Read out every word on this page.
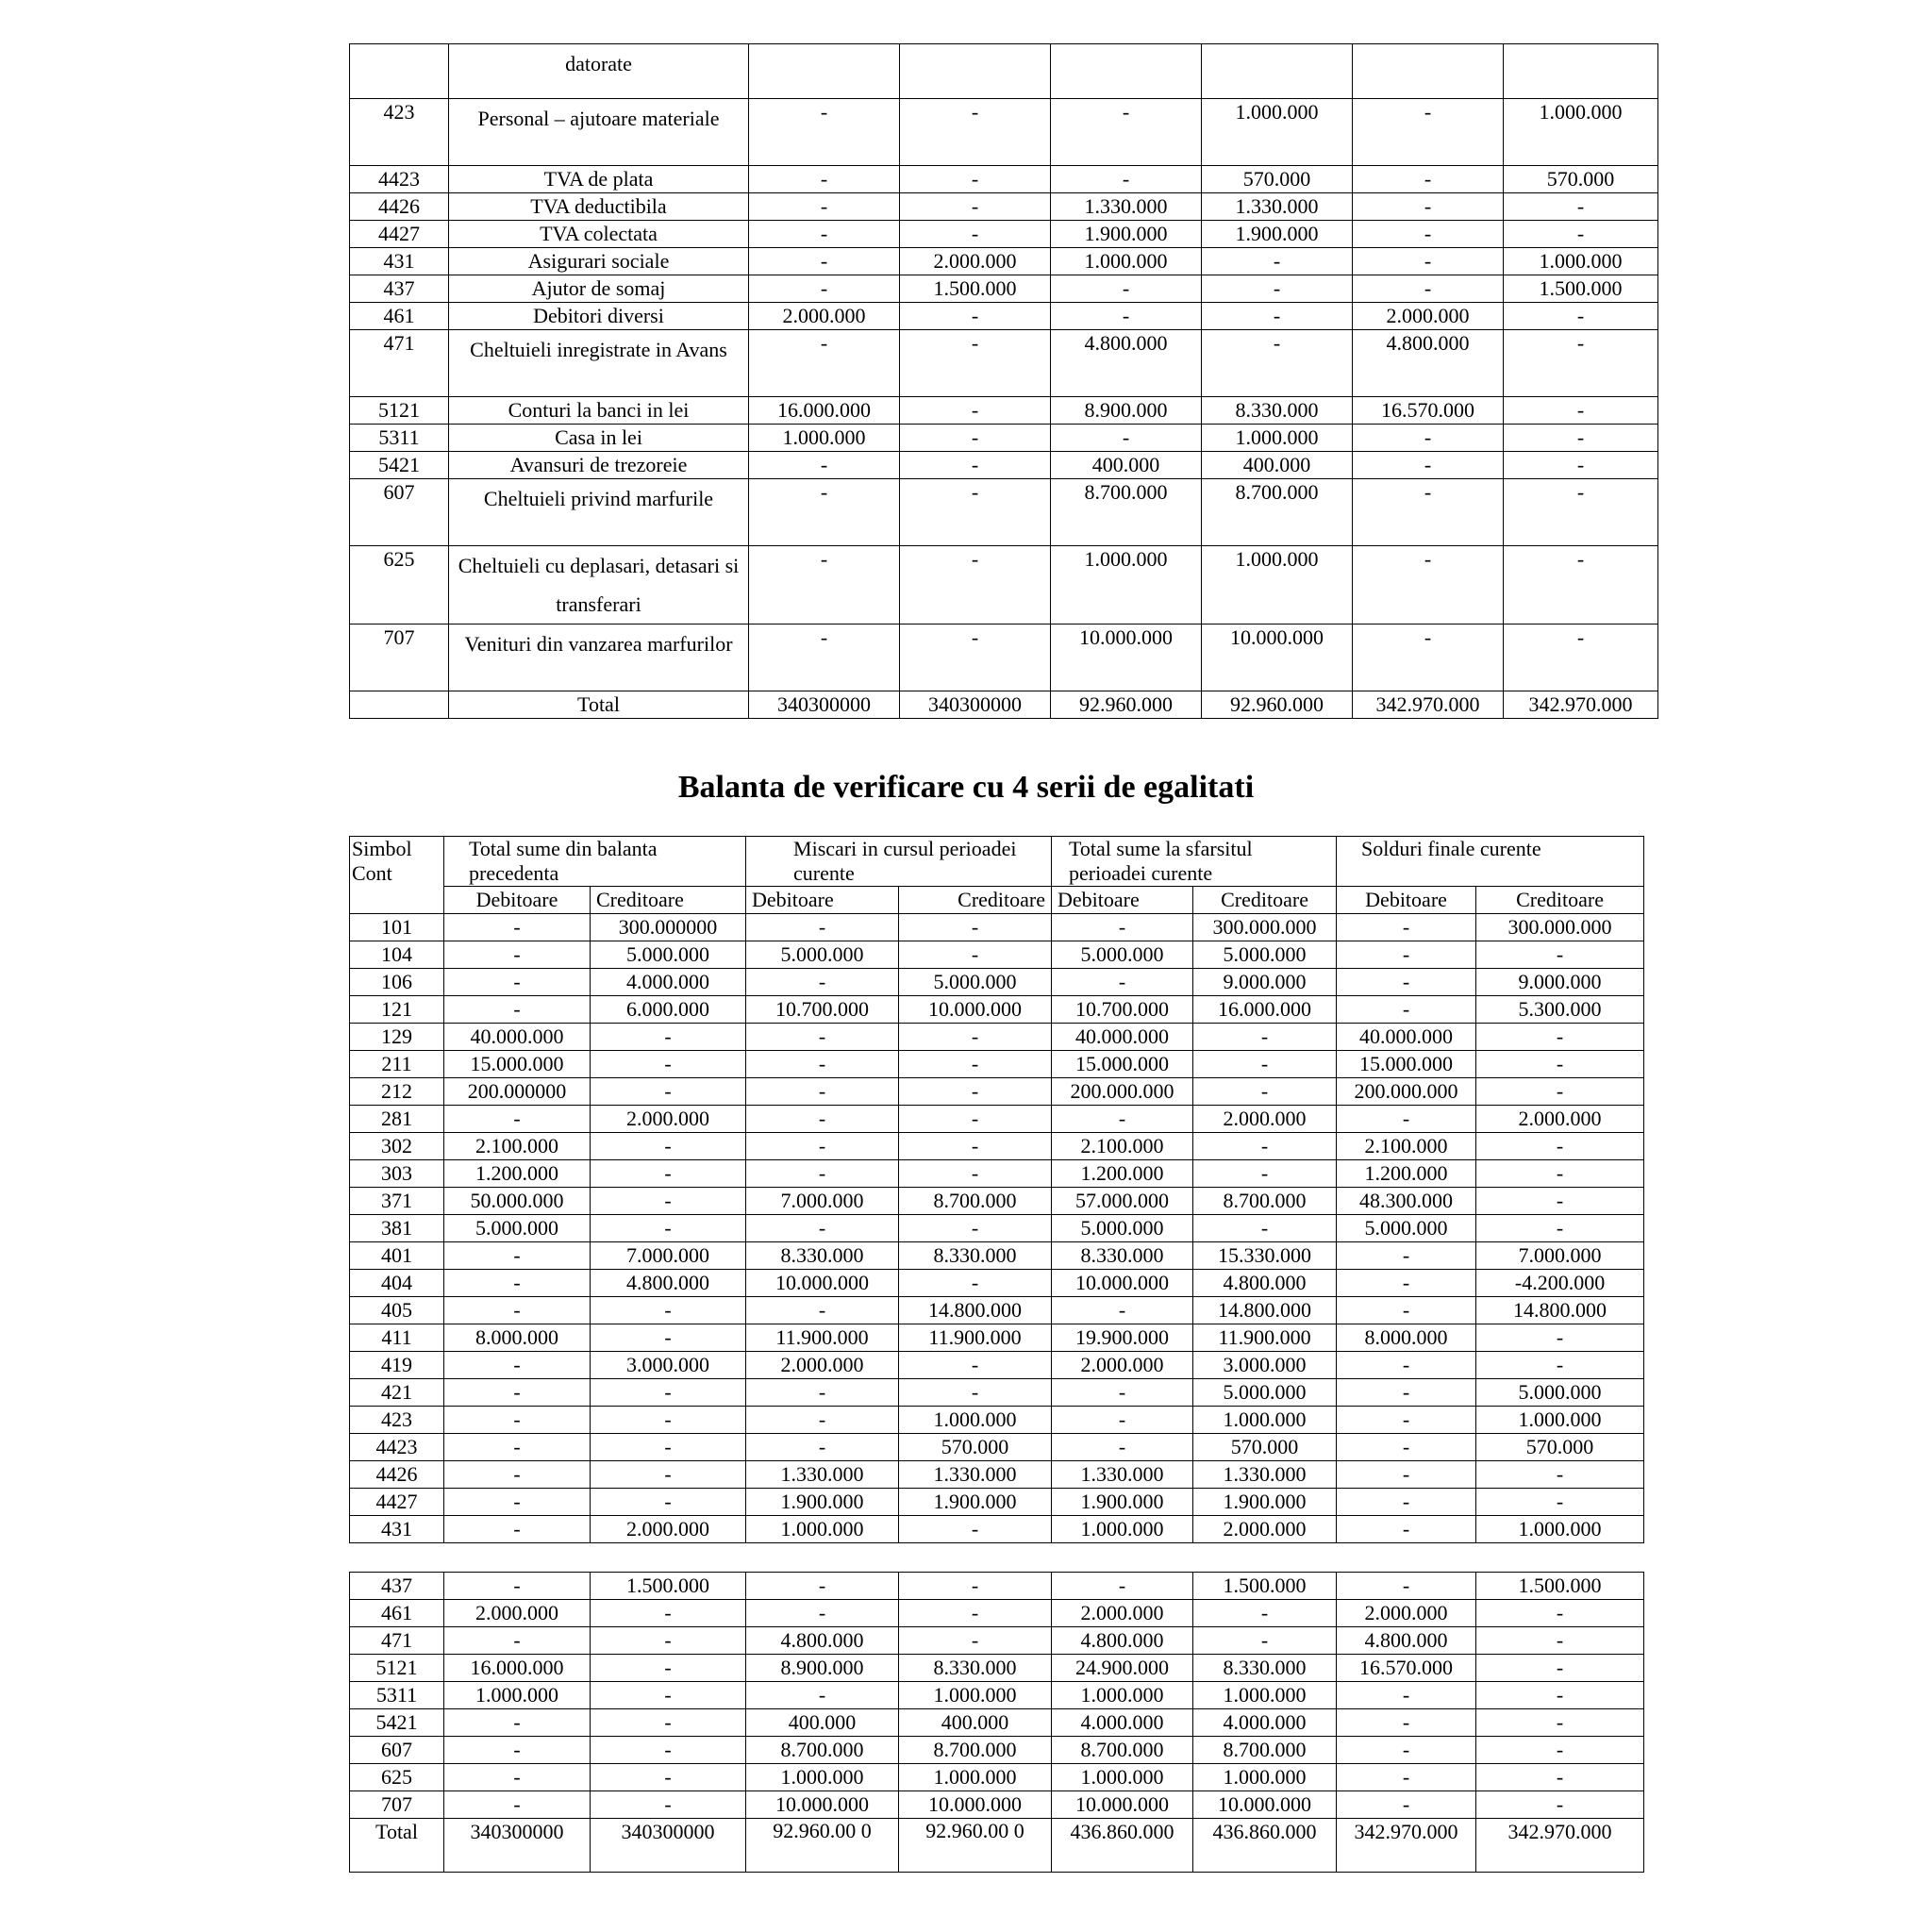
	datorate						
423	Personal – ajutoare materiale	-	-	-	1.000.000	-	1.000.000
4423	TVA de plata	-	-	-	570.000	-	570.000
4426	TVA deductibila	-	-	1.330.000	1.330.000	-	-
4427	TVA colectata	-	-	1.900.000	1.900.000	-	-
431	Asigurari sociale	-	2.000.000	1.000.000	-	-	1.000.000
437	Ajutor de somaj	-	1.500.000	-	-	-	1.500.000
461	Debitori diversi	2.000.000	-	-	-	2.000.000	-
471	Cheltuieli inregistrate in Avans	-	-	4.800.000	-	4.800.000	-
5121	Conturi la banci in lei	16.000.000	-	8.900.000	8.330.000	16.570.000	-
5311	Casa in lei	1.000.000	-	-	1.000.000	-	-
5421	Avansuri de trezoreie	-	-	400.000	400.000	-	-
607	Cheltuieli privind marfurile	-	-	8.700.000	8.700.000	-	-
625	Cheltuieli cu deplasari, detasari si transferari	-	-	1.000.000	1.000.000	-	-
707	Venituri din vanzarea marfurilor	-	-	10.000.000	10.000.000	-	-
	Total	340300000	340300000	92.960.000	92.960.000	342.970.000	342.970.000
Balanta de verificare cu 4 serii de egalitati
Simbol Cont	Total sume din balanta precedenta		Miscari in cursul perioadei curente		Total sume la sfarsitul perioadei curente		Solduri finale curente	
	Debitoare	Creditoare	Debitoare	Creditoare	Debitoare	Creditoare	Debitoare	Creditoare
101	-	300.000000	-	-	-	300.000.000	-	300.000.000
104	-	5.000.000	5.000.000	-	5.000.000	5.000.000	-	-
106	-	4.000.000	-	5.000.000	-	9.000.000	-	9.000.000
121	-	6.000.000	10.700.000	10.000.000	10.700.000	16.000.000	-	5.300.000
129	40.000.000	-	-	-	40.000.000	-	40.000.000	-
211	15.000.000	-	-	-	15.000.000	-	15.000.000	-
212	200.000000	-	-	-	200.000.000	-	200.000.000	-
281	-	2.000.000	-	-	-	2.000.000	-	2.000.000
302	2.100.000	-	-	-	2.100.000	-	2.100.000	-
303	1.200.000	-	-	-	1.200.000	-	1.200.000	-
371	50.000.000	-	7.000.000	8.700.000	57.000.000	8.700.000	48.300.000	-
381	5.000.000	-	-	-	5.000.000	-	5.000.000	-
401	-	7.000.000	8.330.000	8.330.000	8.330.000	15.330.000	-	7.000.000
404	-	4.800.000	10.000.000	-	10.000.000	4.800.000	-	-4.200.000
405	-	-	-	14.800.000	-	14.800.000	-	14.800.000
411	8.000.000	-	11.900.000	11.900.000	19.900.000	11.900.000	8.000.000	-
419	-	3.000.000	2.000.000	-	2.000.000	3.000.000	-	-
421	-	-	-	-	-	5.000.000	-	5.000.000
423	-	-	-	1.000.000	-	1.000.000	-	1.000.000
4423	-	-	-	570.000	-	570.000	-	570.000
4426	-	-	1.330.000	1.330.000	1.330.000	1.330.000	-	-
4427	-	-	1.900.000	1.900.000	1.900.000	1.900.000	-	-
431	-	2.000.000	1.000.000	-	1.000.000	2.000.000	-	1.000.000
437	-	1.500.000	-	-	-	1.500.000	-	1.500.000
461	2.000.000	-	-	-	2.000.000	-	2.000.000	-
471	-	-	4.800.000	-	4.800.000	-	4.800.000	-
5121	16.000.000	-	8.900.000	8.330.000	24.900.000	8.330.000	16.570.000	-
5311	1.000.000	-	-	1.000.000	1.000.000	1.000.000	-	-
5421	-	-	400.000	400.000	4.000.000	4.000.000	-	-
607	-	-	8.700.000	8.700.000	8.700.000	8.700.000	-	-
625	-	-	1.000.000	1.000.000	1.000.000	1.000.000	-	-
707	-	-	10.000.000	10.000.000	10.000.000	10.000.000	-	-
Total	340300000	340300000	92.960.00 0	92.960.00 0	436.860.000	436.860.000	342.970.000	342.970.000
